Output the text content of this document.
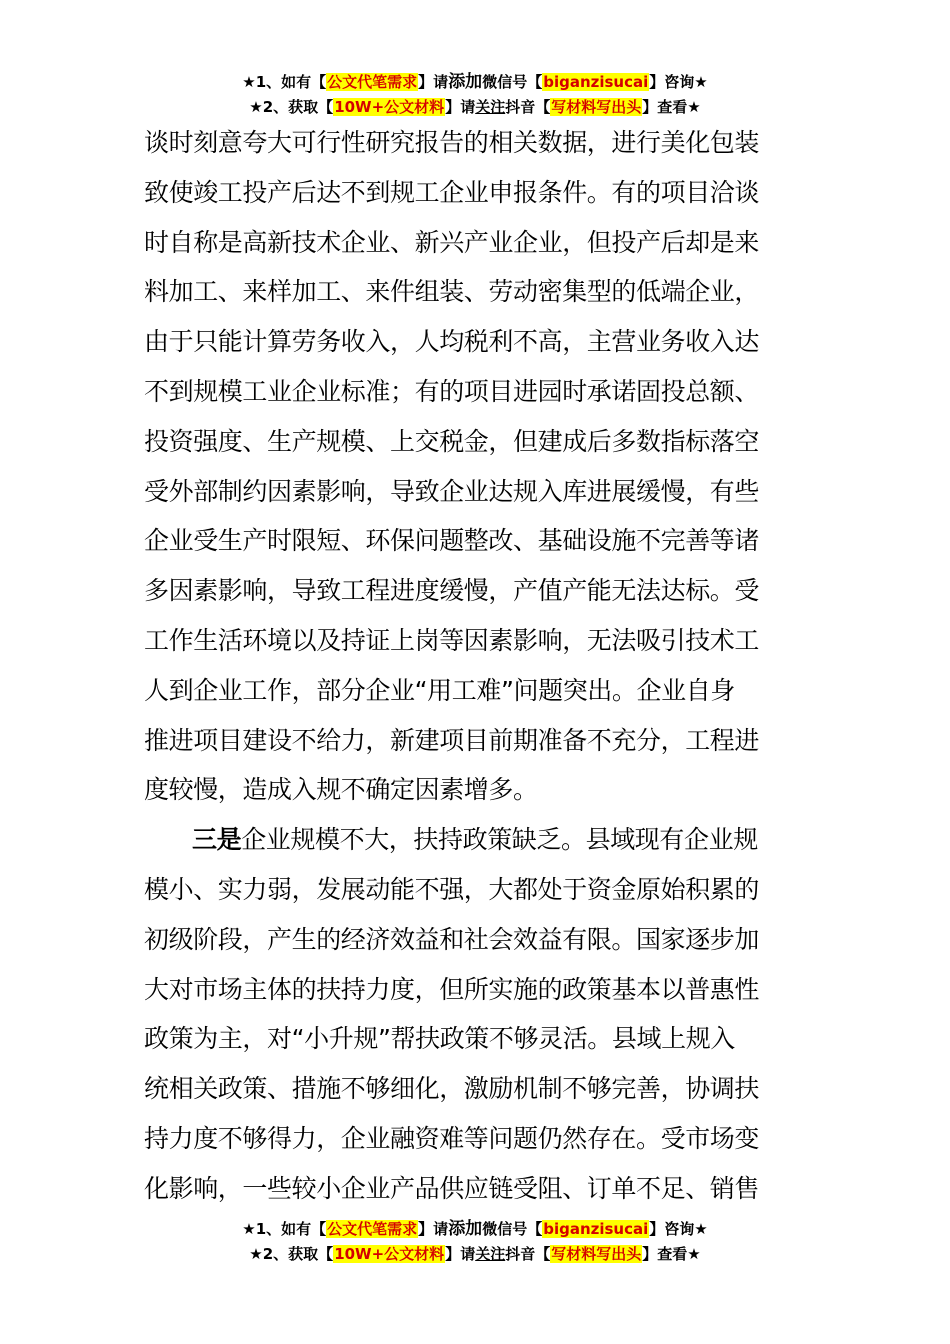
★1、如有【公文代笔需求】请添加微信号【biganzisucai】咨询★
★2、获取【10W+公文材料】请关注抖音【写材料写出头】查看★
谈时刻意夸大可行性研究报告的相关数据，进行美化包装
致使竣工投产后达不到规工企业申报条件。有的项目洽谈
时自称是高新技术企业、新兴产业企业，但投产后却是来
料加工、来样加工、来件组装、劳动密集型的低端企业，
由于只能计算劳务收入，人均税利不高，主营业务收入达
不到规模工业企业标准；有的项目进园时承诺固投总额、
投资强度、生产规模、上交税金，但建成后多数指标落空
受外部制约因素影响，导致企业达规入库进展缓慢，有些
企业受生产时限短、环保问题整改、基础设施不完善等诸
多因素影响，导致工程进度缓慢，产值产能无法达标。受
工作生活环境以及持证上岗等因素影响，无法吸引技术工
人到企业工作，部分企业“用工难”问题突出。企业自身
推进项目建设不给力，新建项目前期准备不充分，工程进
度较慢，造成入规不确定因素增多。
三是企业规模不大，扶持政策缺乏。县域现有企业规
模小、实力弱，发展动能不强，大都处于资金原始积累的
初级阶段，产生的经济效益和社会效益有限。国家逐步加
大对市场主体的扶持力度，但所实施的政策基本以普惠性
政策为主，对“小升规”帮扶政策不够灵活。县域上规入
统相关政策、措施不够细化，激励机制不够完善，协调扶
持力度不够得力，企业融资难等问题仍然存在。受市场变
化影响，一些较小企业产品供应链受阻、订单不足、销售
★1、如有【公文代笔需求】请添加微信号【biganzisucai】咨询★
★2、获取【10W+公文材料】请关注抖音【写材料写出头】查看★
